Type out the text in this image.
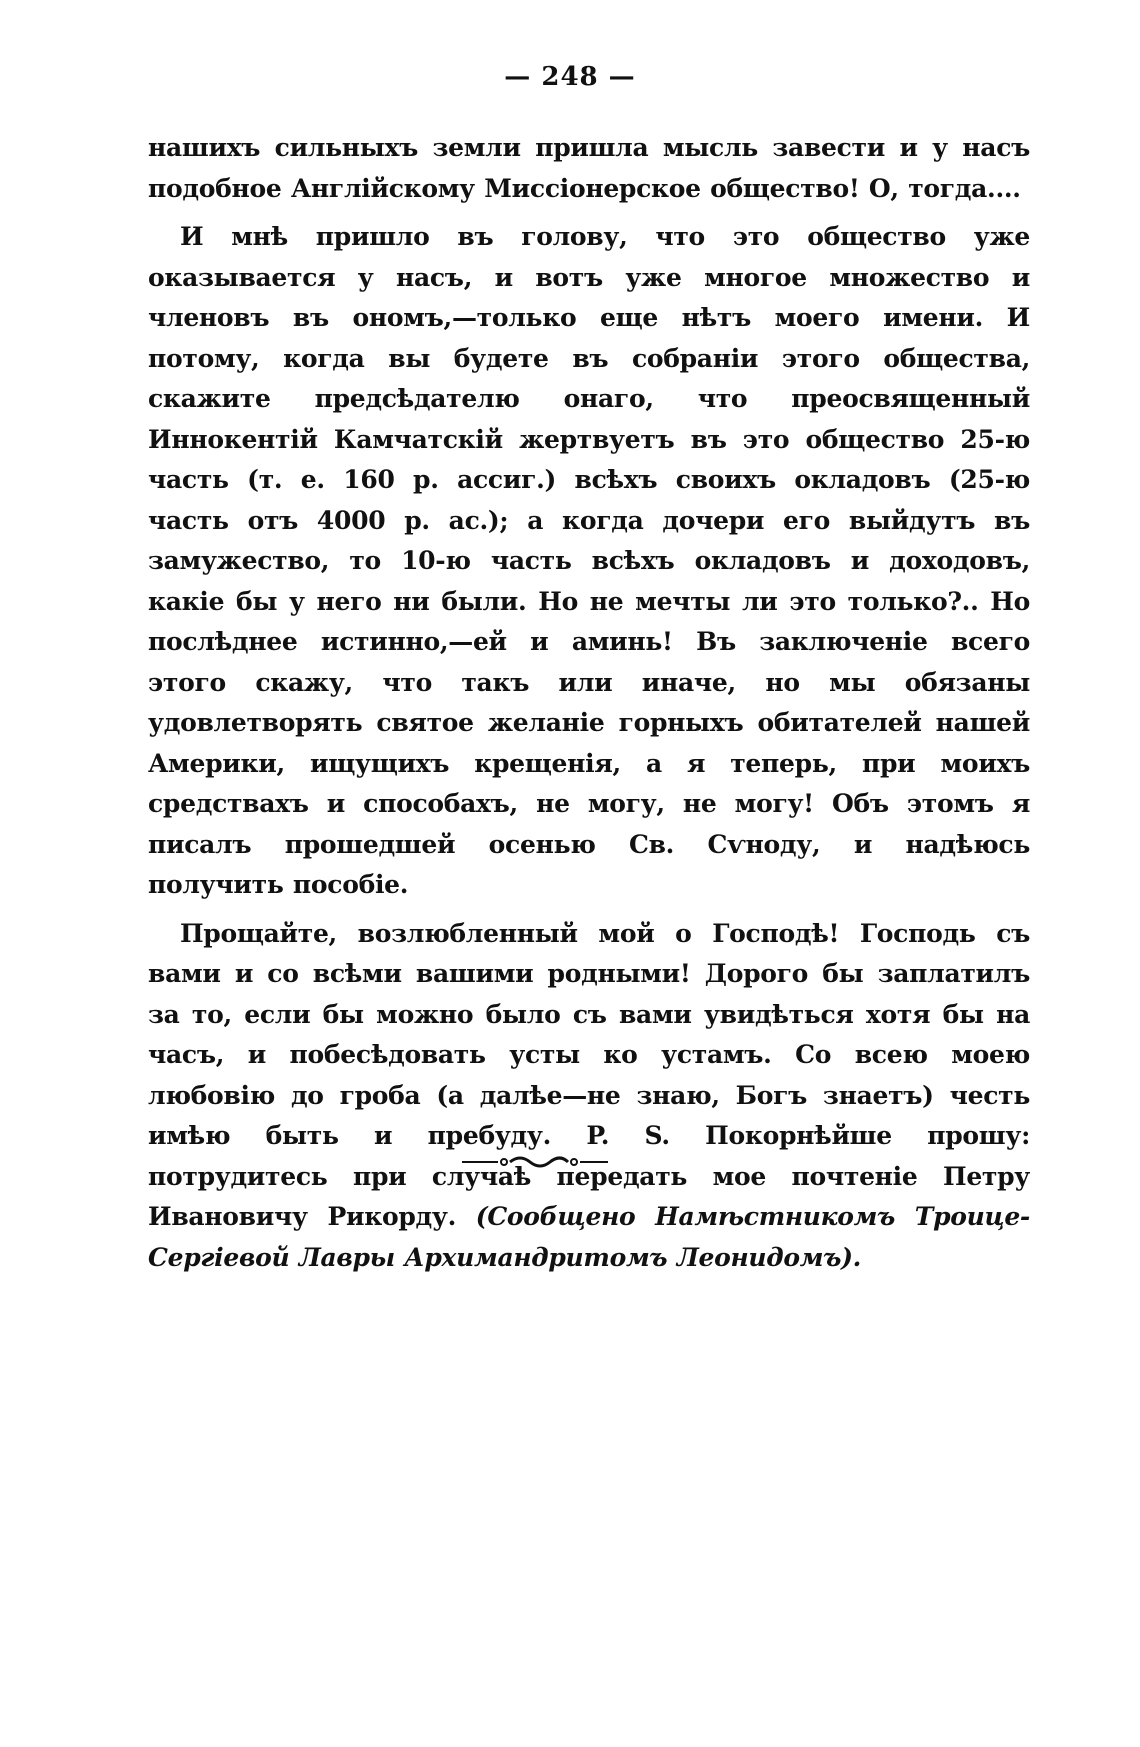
— 248 —

нашихъ сильныхъ земли пришла мысль завести и у насъ подобное Англійскому Миссіонерское общество! О, тогда....

И мнѣ пришло въ голову, что это общество уже оказывается у насъ, и вотъ уже многое множество и членовъ въ ономъ,—только еще нѣтъ моего имени. И потому, когда вы будете въ собраніи этого общества, скажите предсѣдателю онаго, что преосвященный Иннокентій Камчатскій жертвуетъ въ это общество 25-ю часть (т. е. 160 р. ассиг.) всѣхъ своихъ окладовъ (25-ю часть отъ 4000 р. ас.); а когда дочери его выйдутъ въ замужество, то 10-ю часть всѣхъ окладовъ и доходовъ, какіе бы у него ни были. Но не мечты ли это только?.. Но послѣднее истинно,—ей и аминь! Въ заключеніе всего этого скажу, что такъ или иначе, но мы обязаны удовлетворять святое желаніе горныхъ обитателей нашей Америки, ищущихъ крещенія, а я теперь, при моихъ средствахъ и способахъ, не могу, не могу! Объ этомъ я писалъ прошедшей осенью Св. Сѵноду, и надѣюсь получить пособіе.

Прощайте, возлюбленный мой о Господѣ! Господь съ вами и со всѣми вашими родными! Дорого бы заплатилъ за то, если бы можно было съ вами увидѣться хотя бы на часъ, и побесѣдовать усты ко устамъ. Со всею моею любовію до гроба (а далѣе—не знаю, Богъ знаетъ) честь имѣю быть и пребуду. P. S. Покорнѣйше прошу: потрудитесь при случаѣ передать мое почтеніе Петру Ивановичу Рикорду. (Сообщено Намѣстникомъ Троице-Сергіевой Лавры Архимандритомъ Леонидомъ).
